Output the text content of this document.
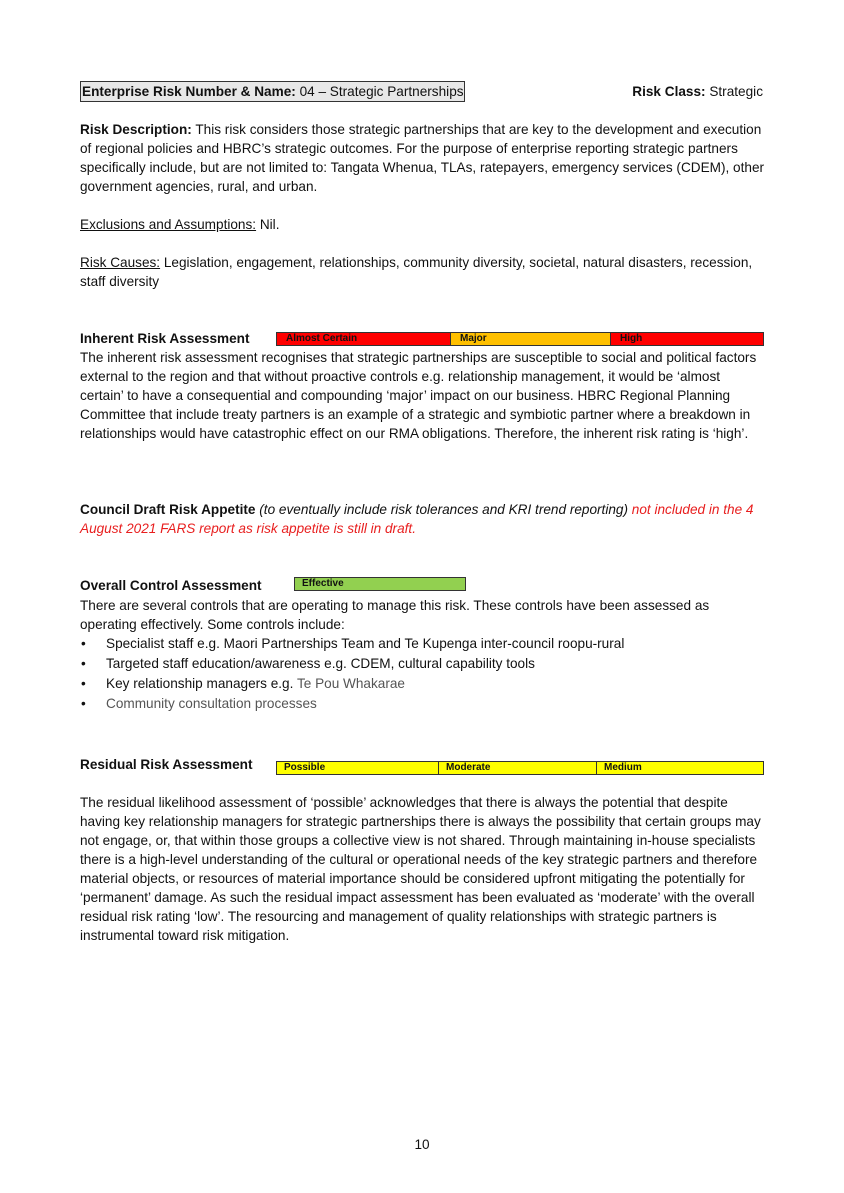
Enterprise Risk Number & Name: 04 – Strategic Partnerships	Risk Class: Strategic
Risk Description: This risk considers those strategic partnerships that are key to the development and execution of regional policies and HBRC’s strategic outcomes. For the purpose of enterprise reporting strategic partners specifically include, but are not limited to: Tangata Whenua, TLAs, ratepayers, emergency services (CDEM), other government agencies, rural, and urban.
Exclusions and Assumptions: Nil.
Risk Causes: Legislation, engagement, relationships, community diversity, societal, natural disasters, recession, staff diversity
Inherent Risk Assessment	Almost Certain	Major	High
The inherent risk assessment recognises that strategic partnerships are susceptible to social and political factors external to the region and that without proactive controls e.g. relationship management, it would be ‘almost certain’ to have a consequential and compounding ‘major’ impact on our business. HBRC Regional Planning Committee that include treaty partners is an example of a strategic and symbiotic partner where a breakdown in relationships would have catastrophic effect on our RMA obligations. Therefore, the inherent risk rating is ‘high’.
Council Draft Risk Appetite (to eventually include risk tolerances and KRI trend reporting) not included in the 4 August 2021 FARS report as risk appetite is still in draft.
Overall Control Assessment	Effective
There are several controls that are operating to manage this risk. These controls have been assessed as operating effectively. Some controls include:
• Specialist staff e.g. Maori Partnerships Team and Te Kupenga inter-council roopu-rural
• Targeted staff education/awareness e.g. CDEM, cultural capability tools
• Key relationship managers e.g. Te Pou Whakarae
• Community consultation processes
Residual Risk Assessment	Possible	Moderate	Medium
The residual likelihood assessment of ‘possible’ acknowledges that there is always the potential that despite having key relationship managers for strategic partnerships there is always the possibility that certain groups may not engage, or, that within those groups a collective view is not shared. Through maintaining in-house specialists there is a high-level understanding of the cultural or operational needs of the key strategic partners and therefore material objects, or resources of material importance should be considered upfront mitigating the potentially for ‘permanent’ damage. As such the residual impact assessment has been evaluated as ‘moderate’ with the overall residual risk rating ‘low’. The resourcing and management of quality relationships with strategic partners is instrumental toward risk mitigation.
10
